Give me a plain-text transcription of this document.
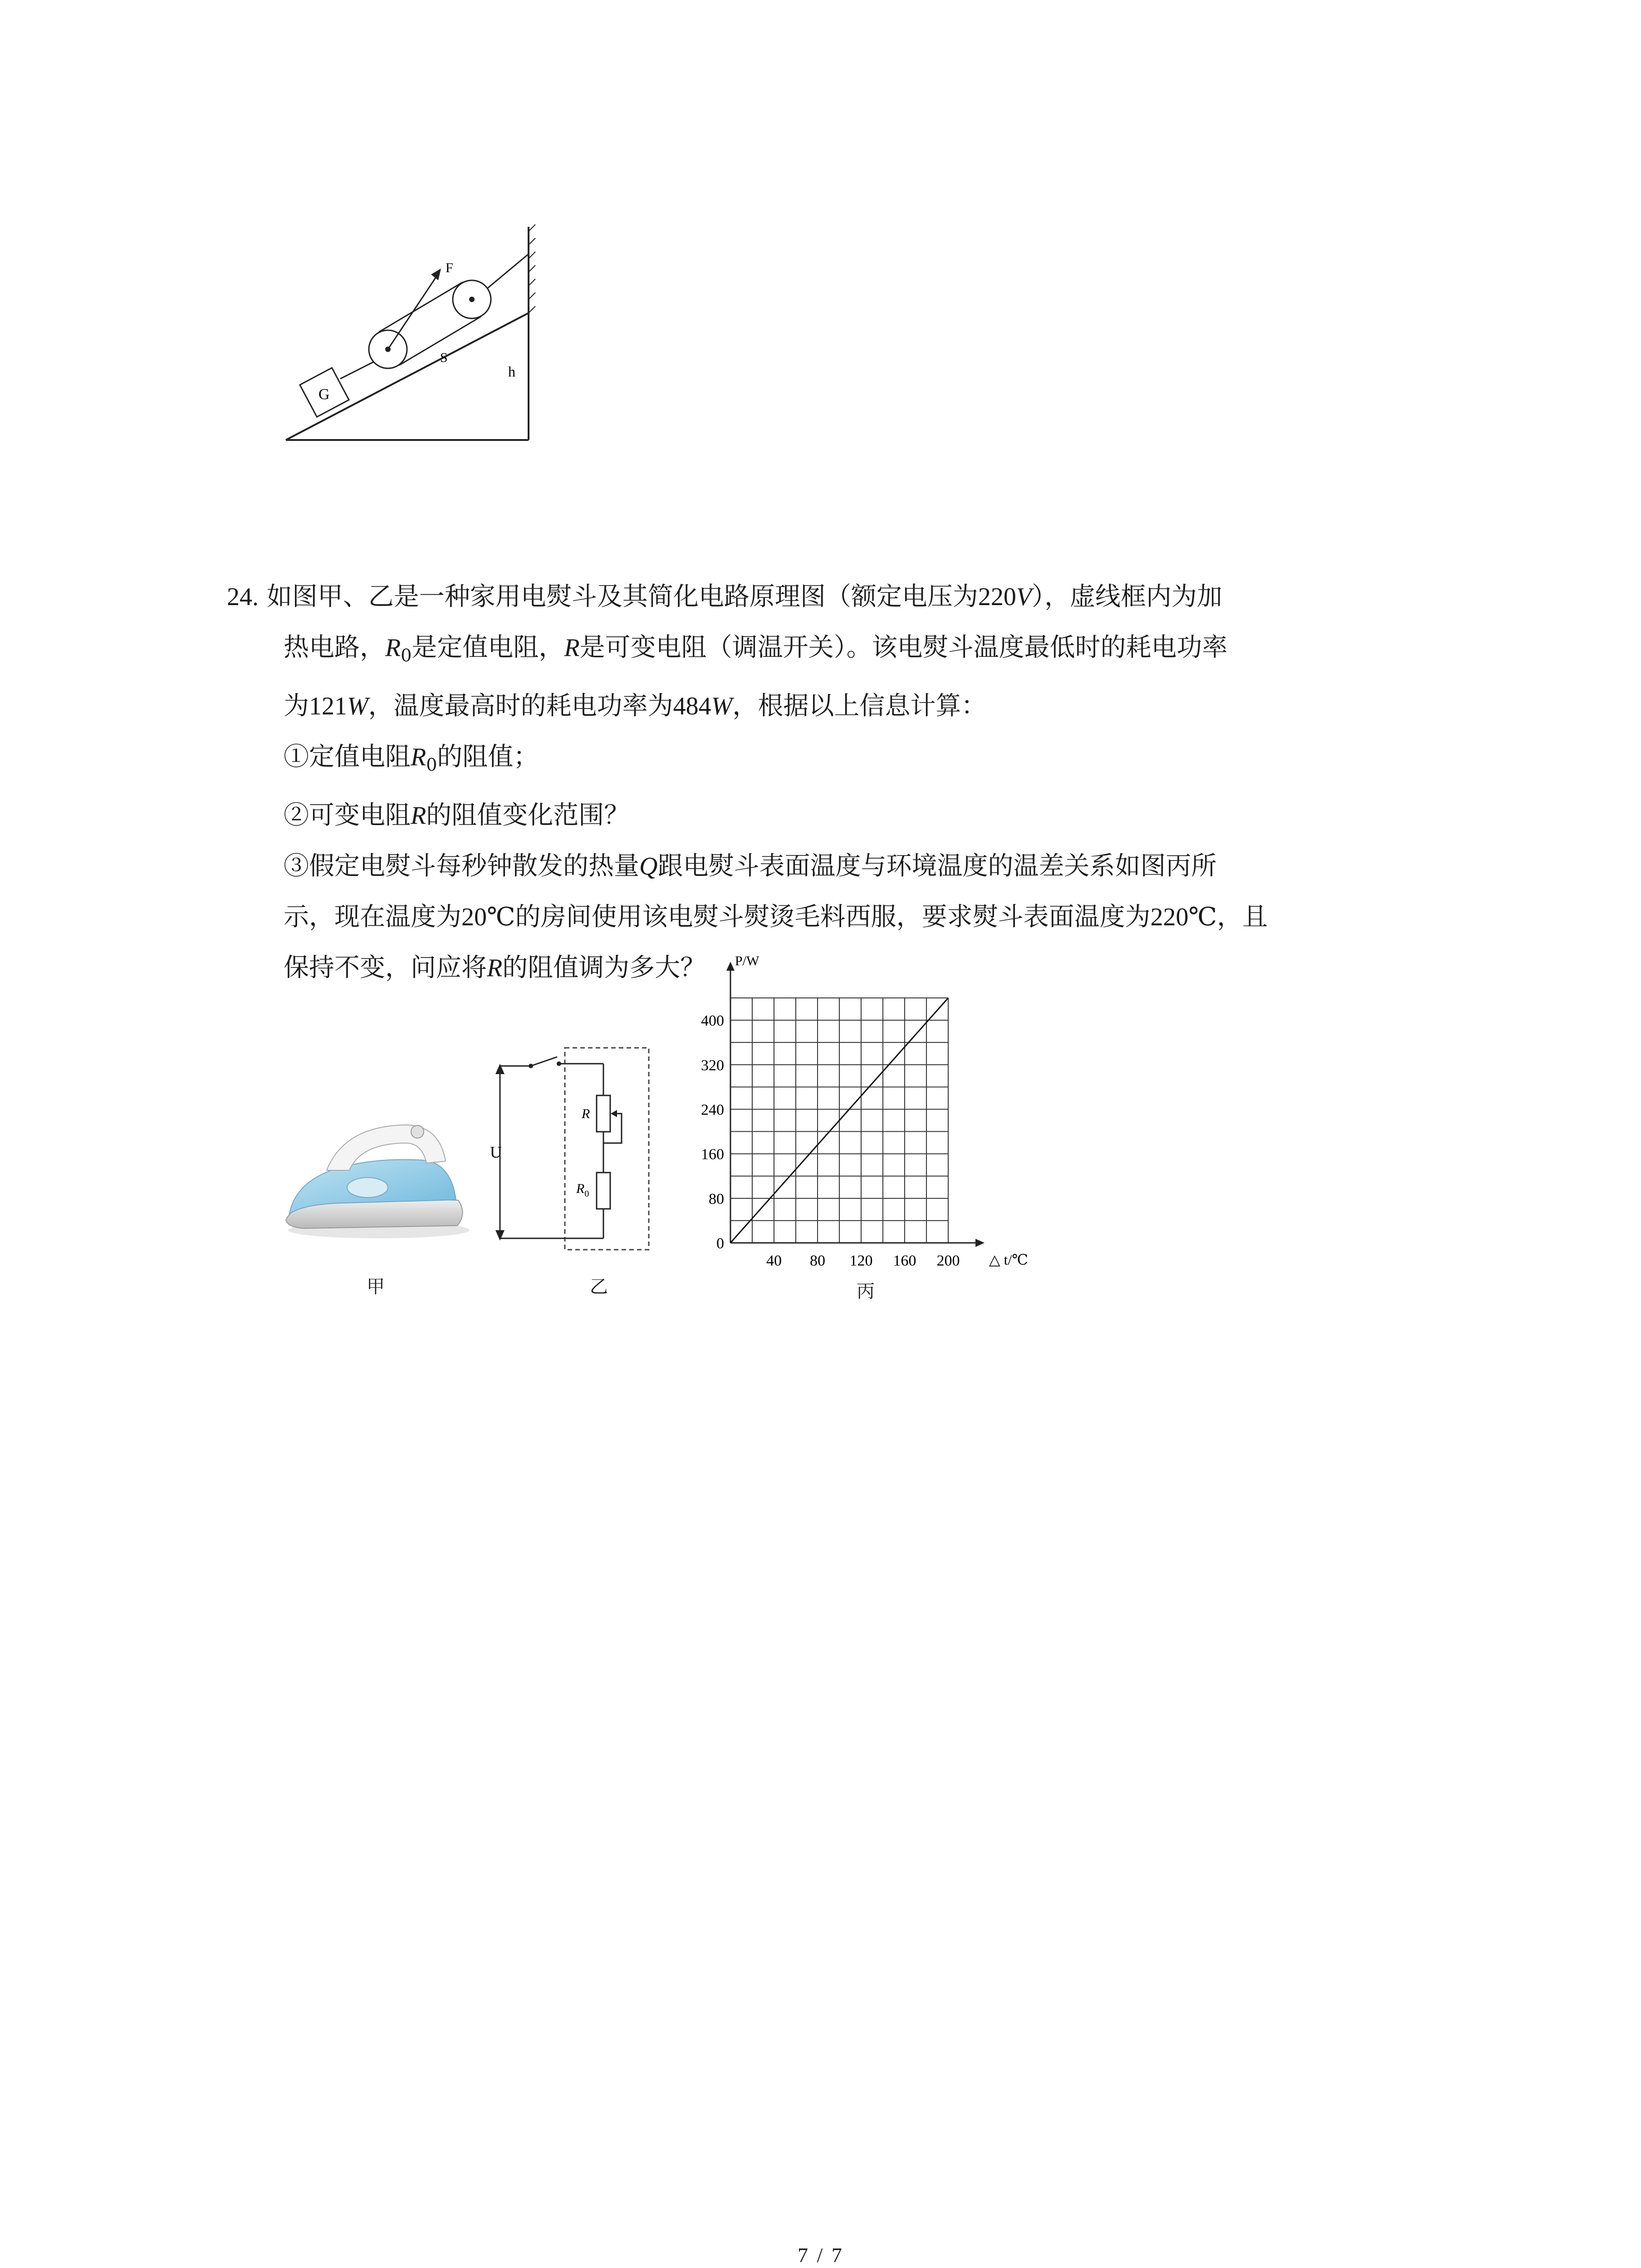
G
F
S
h
24. 如图甲、乙是一种家用电熨斗及其简化电路原理图（额定电压为220V），虚线框内为加
热电路，$R_0$是定值电阻，R是可变电阻（调温开关）。该电熨斗温度最低时的耗电功率
为121W，温度最高时的耗电功率为484W，根据以上信息计算：
①定值电阻$R_0$的阻值；
②可变电阻R的阻值变化范围？
③假定电熨斗每秒钟散发的热量Q跟电熨斗表面温度与环境温度的温差关系如图丙所
示，现在温度为20℃的房间使用该电熨斗熨烫毛料西服，要求熨斗表面温度为220℃，且
保持不变，问应将R的阻值调为多大？
甲
U
R
$R_0$
乙
0
80
160
240
320
400
40 80 120 160 200
P/W
△ t/℃
丙
7 / 7
